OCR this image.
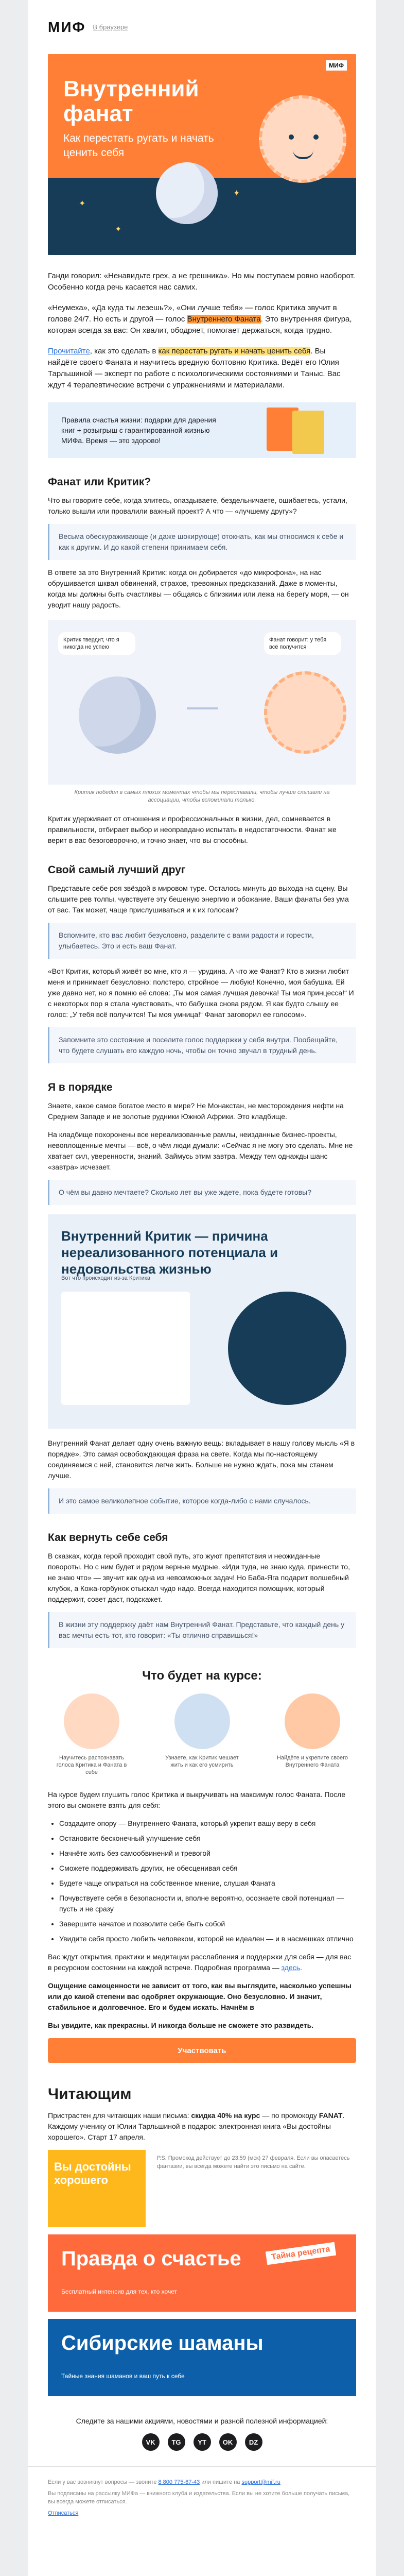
МИФ В браузере
Внутренний фанат
Как перестать ругать и начать ценить себя
МИФ
✦
✦
✦

Ганди говорил: «Ненавидьте грех, а не грешника». Но мы поступаем ровно наоборот. Особенно когда речь касается нас самих.

«Неумеха», «Да куда ты лезешь?», «Они лучше тебя» — голос Критика звучит в голове 24/7. Но есть и другой — голос Внутреннего Фаната. Это внутренняя фигура, которая всегда за вас: Он хвалит, ободряет, помогает держаться, когда трудно.

Прочитайте, как это сделать в как перестать ругать и начать ценить себя. Вы найдёте своего Фаната и научитесь вредную болтовню Критика. Ведёт его Юлия Тарльшиной — эксперт по работе с психологическими состояниями и Таныс. Вас ждут 4 терапевтические встречи с упражнениями и материалами.

Правила счастья жизни: подарки для дарения книг + розыгрыш с гарантированной жизнью МИФа. Время — это здорово!
Фанат или Критик?

Что вы говорите себе, когда злитесь, опаздываете, бездельничаете, ошибаетесь, устали, только вышли или провалили важный проект? А что — «лучшему другу»?

Весьма обескураживающе (и даже шокирующе) отокнать, как мы относимся к себе и как к другим. И до какой степени принимаем себя.

В ответе за это Внутренний Критик: когда он добирается «до микрофона», на нас обрушивается шквал обвинений, страхов, тревожных предсказаний. Даже в моменты, когда мы должны быть счастливы — общаясь с близкими или лежа на берегу моря, — он уводит нашу радость.

Критик твердит, что я никогда не успею
Фанат говорит: у тебя всё получится
Критик победил в самых плохих моментах чтобы мы переставали, чтобы лучше слышали на ассоциации, чтобы вспоминали только.

Критик удерживает от отношения и профессиональных в жизни, дел, сомневается в правильности, отбирает выбор и неоправдано испытать в недостаточности. Фанат же верит в вас безоговорочно, и точно знает, что вы способны.

Свой самый лучший друг

Представьте себе роя звёздой в мировом туре. Осталось минуть до выхода на сцену. Вы слышите рев толпы, чувствуете эту бешеную энергию и обожание. Ваши фанаты без ума от вас. Так может, чаще прислушиваться и к их голосам?

Вспомните, кто вас любит безусловно, разделите с вами радости и горести, улыбаетесь. Это и есть ваш Фанат.

«Вот Критик, который живёт во мне, кто я — урудина. А что же Фанат? Кто в жизни любит меня и принимает безусловно: полстеро, стройное — любую! Конечно, моя бабушка. Ей уже давно нет, но я помню её слова: „Ты моя самая лучшая девочка! Ты моя принцесса!“ И с некоторых пор я стала чувствовать, что бабушка снова рядом. Я как будто слышу ее голос: „У тебя всё получится! Ты моя умница!“ Фанат заговорил ее голосом».

Запомните это состояние и поселите голос поддержки у себя внутри. Пообещайте, что будете слушать его каждую ночь, чтобы он точно звучал в трудный день.
Я в порядке

Знаете, какое самое богатое место в мире? Не Монакстан, не месторождения нефти на Среднем Западе и не золотые рудники Южной Африки. Это кладбище.

На кладбище похоронены все нереализованные рамлы, неизданные бизнес-проекты, невоплощенные мечты — всё, о чём люди думали: «Сейчас я не могу это сделать. Мне не хватает сил, уверенности, знаний. Займусь этим завтра. Между тем однажды шанс «завтра» исчезает.

О чём вы давно мечтаете? Сколько лет вы уже ждете, пока будете готовы?
Внутренний Критик — причина нереализованного потенциала и недовольства жизнью
Вот что происходит из-за Критика

Внутренний Фанат делает одну очень важную вещь: вкладывает в нашу голову мысль «Я в порядке». Это самая освобождающая фраза на свете. Когда мы по-настоящему соединяемся с ней, становится легче жить. Больше не нужно ждать, пока мы станем лучше.

И это самое великолепное событие, которое когда-либо с нами случалось.
Как вернуть себе себя

В сказках, когда герой проходит свой путь, это жуют препятствия и неожиданные повороты. Но с ним будет и рядом верные мудрые. «Иди туда, не знаю куда, принести то, не знаю что» — звучит как одна из невозможных задач! Но Баба-Яга подарит волшебный клубок, а Кожа-горбунок отыскал чудо надо. Всегда находится помощник, который поддержит, совет даст, подскажет.

В жизни эту поддержку даёт нам Внутренний Фанат. Представьте, что каждый день у вас мечты есть тот, кто говорит: «Ты отлично справишься!»
Что будет на курсе:
Научитесь распознавать голоса Критика и Фаната в себе
Узнаете, как Критик мешает жить и как его усмирить
Найдёте и укрепите своего Внутреннего Фаната

На курсе будем глушить голос Критика и выкручивать на максимум голос Фаната. После этого вы сможете взять для себя:

• Создадите опору — Внутреннего Фаната, который укрепит вашу веру в себя
• Остановите бесконечный улучшение себя
• Начнёте жить без самообвинений и тревогой
• Сможете поддерживать других, не обесценивая себя
• Будете чаще опираться на собственное мнение, слушая Фаната
• Почувствуете себя в безопасности и, вполне вероятно, осознаете свой потенциал — пусть и не сразу
• Завершите начатое и позволите себе быть собой
• Увидите себя просто любить человеком, которой не идеален — и в насмешках отлично

Вас ждут открытия, практики и медитации расслабления и поддержки для себя — для вас в ресурсном состоянии на каждой встрече. Подробная программа — здесь.

Ощущение самоценности не зависит от того, как вы выглядите, насколько успешны или до какой степени вас одобряет окружающие. Оно безусловно. И значит, стабильное и долговечное. Его и будем искать. Начнём в

Вы увидите, как прекрасны. И никогда больше не сможете это развидеть.

Участвовать
Читающим

Пристрастен для читающих наши письма: скидка 40% на курс — по промокоду FANAT. Каждому ученику от Юлии Тарльшиной в подарок: электронная книга «Вы достойны хорошего». Старт 17 апреля.

Вы достойны хорошего
Р.S. Промокод действует до 23:59 (мск) 27 февраля. Если вы опасаетесь фантазии, вы всегда можете найти это письмо на сайте.
Правда о счастье	Тайна рецепта
Бесплатный интенсив для тех, кто хочет
Сибирские шаманы
Тайные знания шаманов и ваш путь к себе
Следите за нашими акциями, новостями и разной полезной информацией:
VK	TG	YT	OK	DZ

Если у вас возникнут вопросы — звоните 8 800 775-67-43 или пишите на support@mif.ru

Вы подписаны на рассылку МИФа — книжного клуба и издательства. Если вы не хотите больше получать письма, вы всегда можете отписаться.

Отписаться
